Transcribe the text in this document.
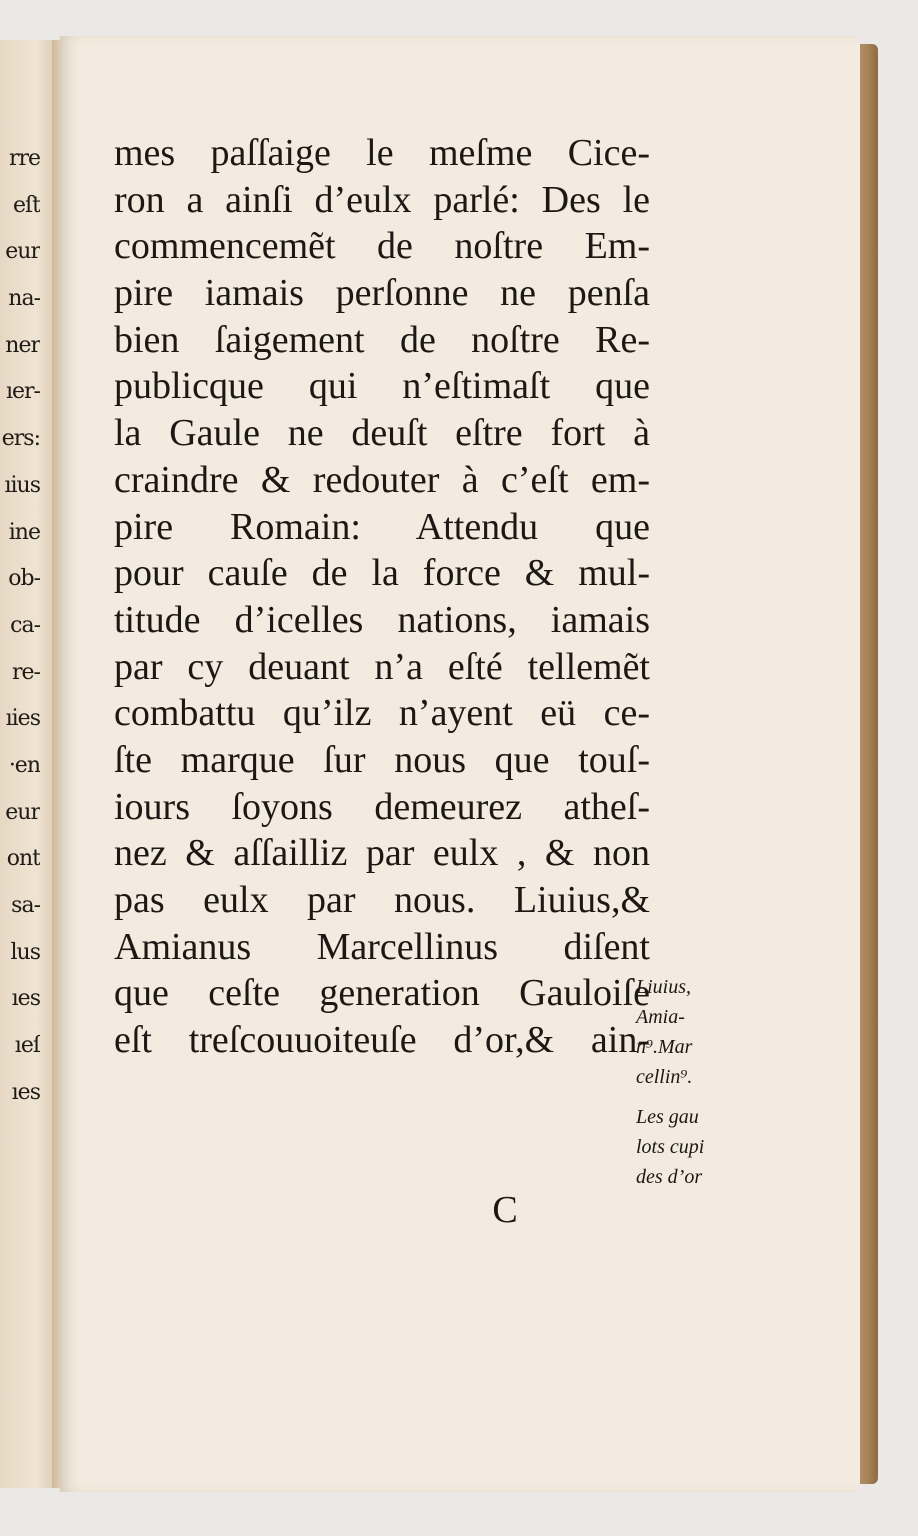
rre
eſt
eur
na-
ner
ıer-
ers:
ıius
ine
ob-
ca-
re-
ıies
·en
eur
ont
sa-
lus
ıes
ıeſ
ıes
mes paſſaige le meſme Cice-
ron a ainſi d’eulx parlé: Des le
commencemẽt de noſtre Em-
pire iamais perſonne ne penſa
bien ſaigement de noſtre Re-
publicque qui n’eſtimaſt que
la Gaule ne deuſt eſtre fort à
craindre & redouter à c’eſt em-
pire Romain: Attendu que
pour cauſe de la force & mul-
titude d’icelles nations, iamais
par cy deuant n’a eſté tellemẽt
combattu qu’ilz n’ayent eü ce-
ſte marque ſur nous que touſ-
iours ſoyons demeurez atheſ-
nez & aſſailliz par eulx , & non
pas eulx par nous. Liuius,&
Amianus Marcellinus diſent
que ceſte generation Gauloiſe
eſt treſcouuoiteuſe d’or,& ain-
C
Liuius,
Amia-
n⁹.Mar
cellin⁹.
Les gau
lots cupi
des d’or
